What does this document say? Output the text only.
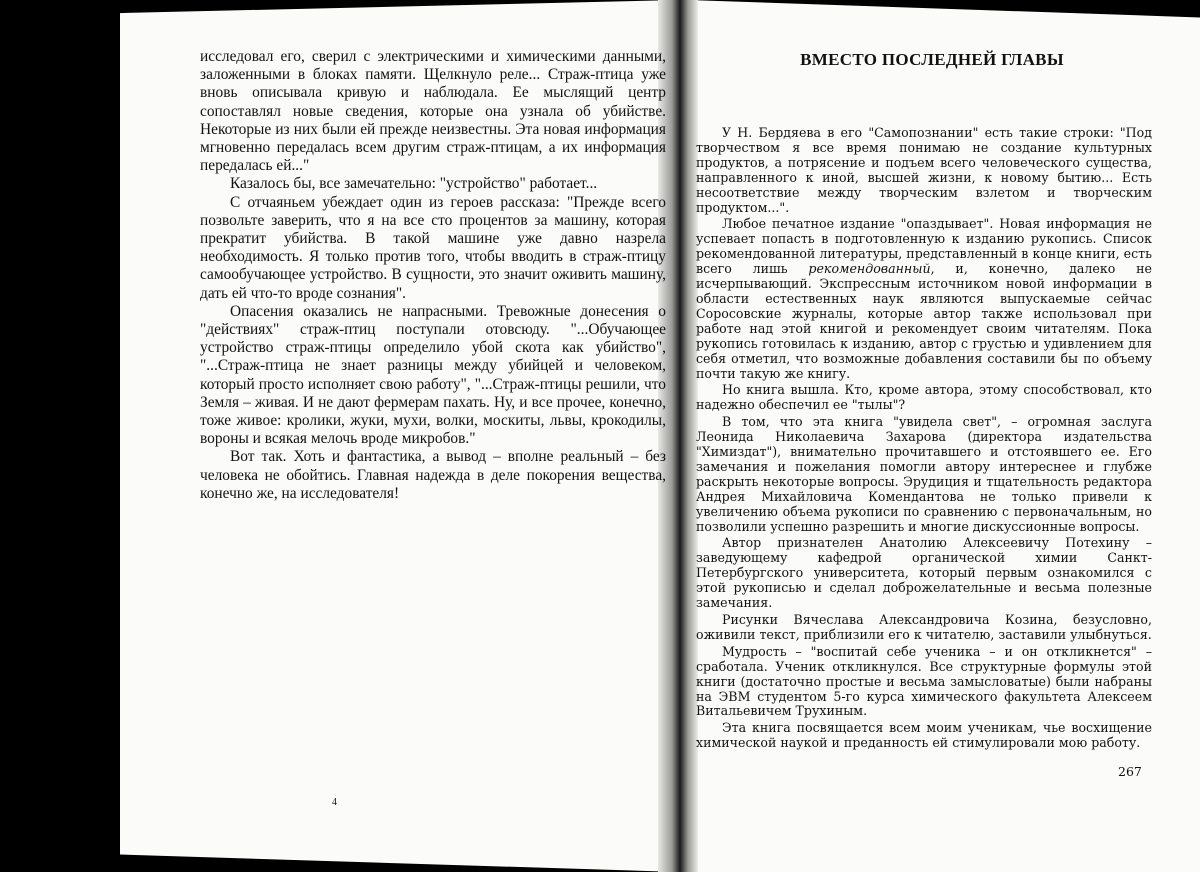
исследовал его, сверил с электрическими и химическими данными, заложенными в блоках памяти. Щелкнуло реле... Страж-птица уже вновь описывала кривую и наблюдала. Ее мыслящий центр сопоставлял новые сведения, которые она узнала об убийстве. Некоторые из них были ей прежде неизвестны. Эта новая информация мгновенно передалась всем другим страж-птицам, а их информация передалась ей..."

Казалось бы, все замечательно: "устройство" работает...

С отчаяньем убеждает один из героев рассказа: "Прежде всего позвольте заверить, что я на все сто процентов за машину, которая прекратит убийства. В такой машине уже давно назрела необходимость. Я только против того, чтобы вводить в страж-птицу самообучающее устройство. В сущности, это значит оживить машину, дать ей что-то вроде сознания".

Опасения оказались не напрасными. Тревожные донесения о "действиях" страж-птиц поступали отовсюду. "...Обучающее устройство страж-птицы определило убой скота как убийство", "...Страж-птица не знает разницы между убийцей и человеком, который просто исполняет свою работу", "...Страж-птицы решили, что Земля – живая. И не дают фермерам пахать. Ну, и все прочее, конечно, тоже живое: кролики, жуки, мухи, волки, москиты, львы, крокодилы, вороны и всякая мелочь вроде микробов."

Вот так. Хоть и фантастика, а вывод – вполне реальный – без человека не обойтись. Главная надежда в деле покорения вещества, конечно же, на исследователя!

4
ВМЕСТО ПОСЛЕДНЕЙ ГЛАВЫ

У Н. Бердяева в его "Самопознании" есть такие строки: "Под творчеством я все время понимаю не создание культурных продуктов, а потрясение и подъем всего человеческого существа, направленного к иной, высшей жизни, к новому бытию... Есть несоответствие между творческим взлетом и творческим продуктом...".

Любое печатное издание "опаздывает". Новая информация не успевает попасть в подготовленную к изданию рукопись. Список рекомендованной литературы, представленный в конце книги, есть всего лишь рекомендованный, и, конечно, далеко не исчерпывающий. Экспрессным источником новой информации в области естественных наук являются выпускаемые сейчас Соросовские журналы, которые автор также использовал при работе над этой книгой и рекомендует своим читателям. Пока рукопись готовилась к изданию, автор с грустью и удивлением для себя отметил, что возможные добавления составили бы по объему почти такую же книгу.

Но книга вышла. Кто, кроме автора, этому способствовал, кто надежно обеспечил ее "тылы"?

В том, что эта книга "увидела свет", – огромная заслуга Леонида Николаевича Захарова (директора издательства "Химиздат"), внимательно прочитавшего и отстоявшего ее. Его замечания и пожелания помогли автору интереснее и глубже раскрыть некоторые вопросы. Эрудиция и тщательность редактора Андрея Михайловича Комендантова не только привели к увеличению объема рукописи по сравнению с первоначальным, но позволили успешно разрешить и многие дискуссионные вопросы.

Автор признателен Анатолию Алексеевичу Потехину – заведующему кафедрой органической химии Санкт-Петербургского университета, который первым ознакомился с этой рукописью и сделал доброжелательные и весьма полезные замечания.

Рисунки Вячеслава Александровича Козина, безусловно, оживили текст, приблизили его к читателю, заставили улыбнуться.

Мудрость – "воспитай себе ученика – и он откликнется" – сработала. Ученик откликнулся. Все структурные формулы этой книги (достаточно простые и весьма замысловатые) были набраны на ЭВМ студентом 5-го курса химического факультета Алексеем Витальевичем Трухиным.

Эта книга посвящается всем моим ученикам, чье восхищение химической наукой и преданность ей стимулировали мою работу.

267
